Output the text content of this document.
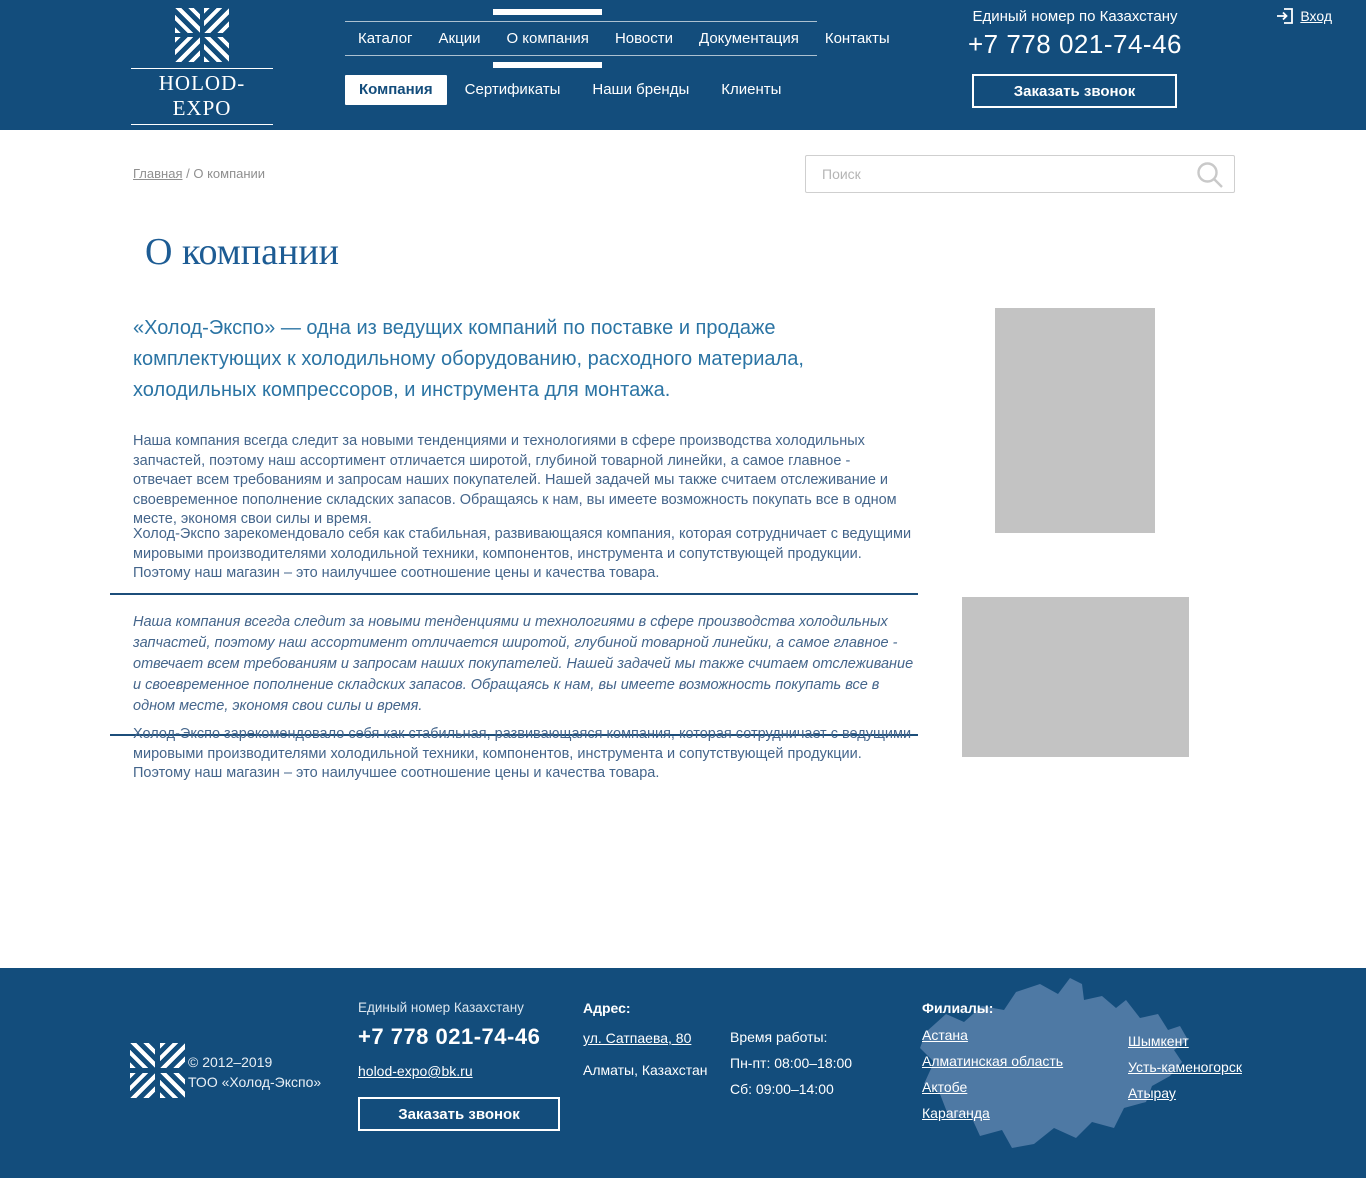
HOLOD-EXPO
Каталог	Акции	О компания	Новости	Документация	Контакты
Компания	Сертификаты	Наши бренды	Клиенты
Единый номер по Казахстану
+7 778 021-74-46
Заказать звонок
Вход
Главная / О компании
Поиск
О компании

«Холод-Экспо» — одна из ведущих компаний по поставке и продаже комплектующих к холодильному оборудованию, расходного материала, холодильных компрессоров, и инструмента для монтажа.

Наша компания всегда следит за новыми тенденциями и технологиями в сфере производства холодильных запчастей, поэтому наш ассортимент отличается широтой, глубиной товарной линейки, а самое главное - отвечает всем требованиям и запросам наших покупателей. Нашей задачей мы также считаем отслеживание и своевременное пополнение складских запасов. Обращаясь к нам, вы имеете возможность покупать все в одном месте, экономя свои силы и время.

Холод-Экспо зарекомендовало себя как стабильная, развивающаяся компания, которая сотрудничает с ведущими мировыми производителями холодильной техники, компонентов, инструмента и сопутствующей продукции. Поэтому наш магазин – это наилучшее соотношение цены и качества товара.

Наша компания всегда следит за новыми тенденциями и технологиями в сфере производства холодильных запчастей, поэтому наш ассортимент отличается широтой, глубиной товарной линейки, а самое главное - отвечает всем требованиям и запросам наших покупателей. Нашей задачей мы также считаем отслеживание и своевременное пополнение складских запасов. Обращаясь к нам, вы имеете возможность покупать все в одном месте, экономя свои силы и время.

Холод-Экспо зарекомендовало себя как стабильная, развивающаяся компания, которая сотрудничает с ведущими мировыми производителями холодильной техники, компонентов, инструмента и сопутствующей продукции. Поэтому наш магазин – это наилучшее соотношение цены и качества товара.

© 2012–2019
ТОО «Холод-Экспо»
Единый номер Казахстану
+7 778 021-74-46
holod-expo@bk.ru
Заказать звонок
Адрес:
ул. Сатпаева, 80
Алматы, Казахстан
Время работы:
Пн-пт: 08:00–18:00
Сб: 09:00–14:00
Филиалы:
Астана
Алматинская область
Актобе
Караганда
Шымкент
Усть-каменогорск
Атырау
